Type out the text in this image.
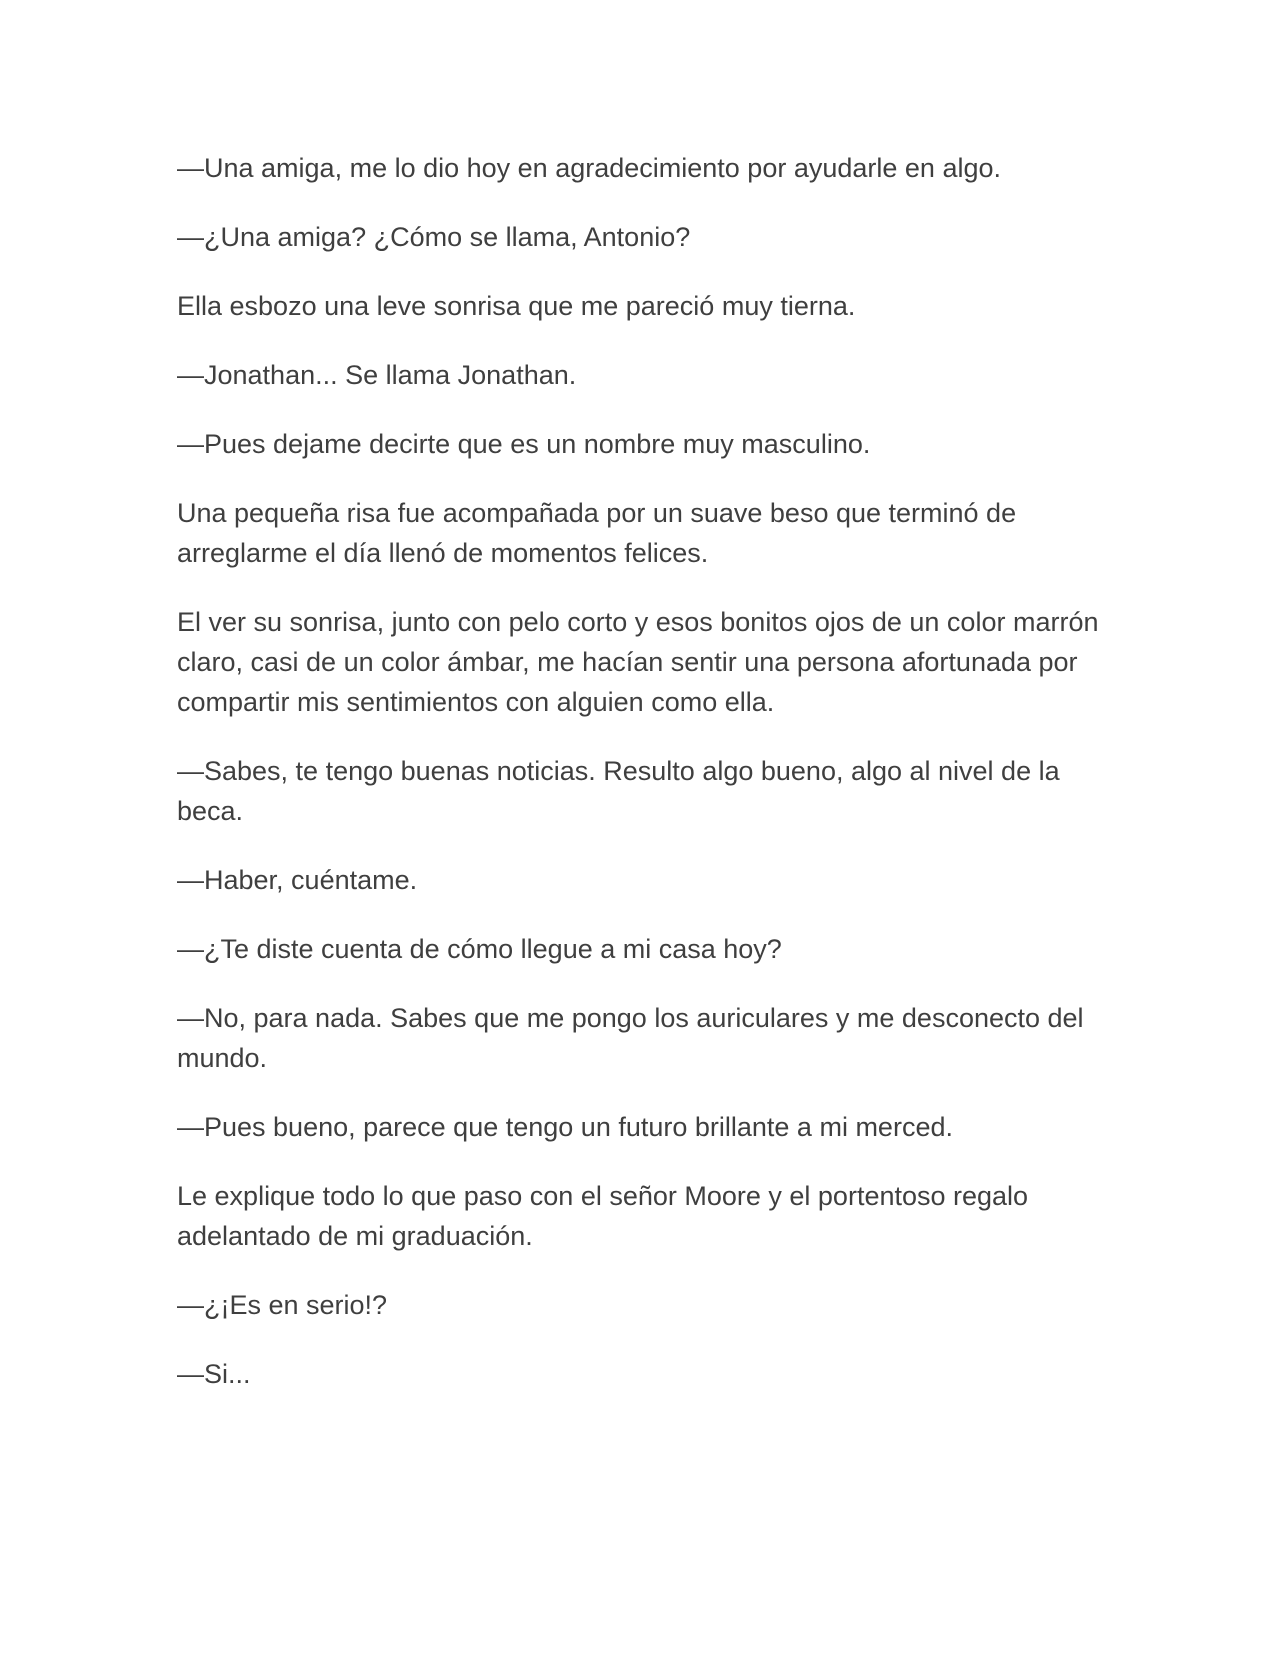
—Una amiga, me lo dio hoy en agradecimiento por ayudarle en algo.

—¿Una amiga? ¿Cómo se llama, Antonio?

Ella esbozo una leve sonrisa que me pareció muy tierna.

—Jonathan... Se llama Jonathan.

—Pues dejame decirte que es un nombre muy masculino.

Una pequeña risa fue acompañada por un suave beso que terminó de arreglarme el día llenó de momentos felices.

El ver su sonrisa, junto con pelo corto y esos bonitos ojos de un color marrón claro, casi de un color ámbar, me hacían sentir una persona afortunada por compartir mis sentimientos con alguien como ella.

—Sabes, te tengo buenas noticias. Resulto algo bueno, algo al nivel de la beca.

—Haber, cuéntame.

—¿Te diste cuenta de cómo llegue a mi casa hoy?

—No, para nada. Sabes que me pongo los auriculares y me desconecto del mundo.

—Pues bueno, parece que tengo un futuro brillante a mi merced.

Le explique todo lo que paso con el señor Moore y el portentoso regalo adelantado de mi graduación.

—¿¡Es en serio!?

—Si...
